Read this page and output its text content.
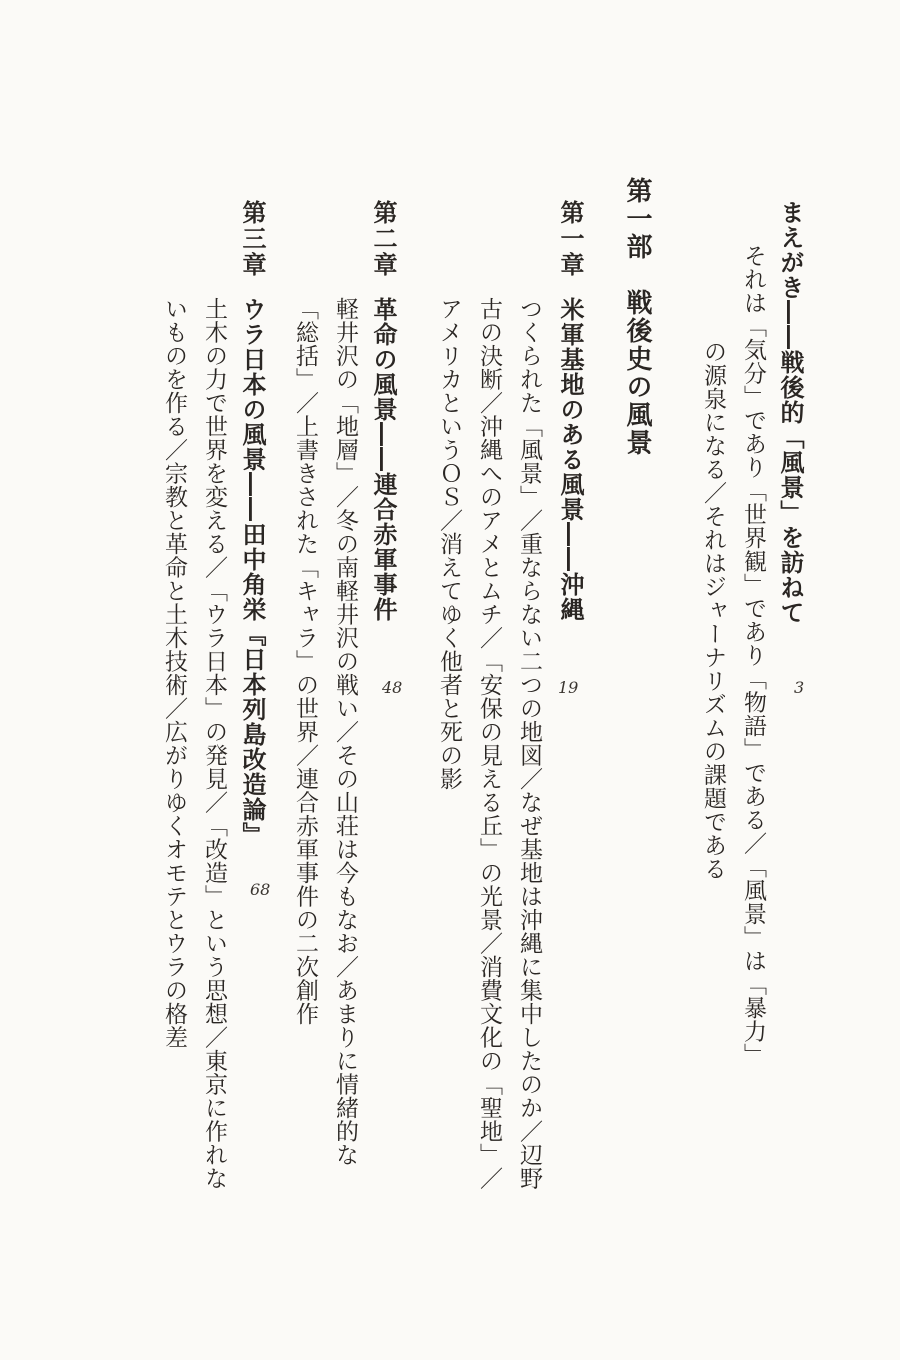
まえがき――戦後的「風景」を訪ねて
3
それは「気分」であり「世界観」であり「物語」である／「風景」は「暴力」
の源泉になる／それはジャーナリズムの課題である
第一部　戦後史の風景
第一章
米軍基地のある風景――沖縄
19
つくられた「風景」／重ならない二つの地図／なぜ基地は沖縄に集中したのか／辺野
古の決断／沖縄へのアメとムチ／「安保の見える丘」の光景／消費文化の「聖地」／
アメリカというＯＳ／消えてゆく他者と死の影
第二章
革命の風景――連合赤軍事件
48
軽井沢の「地層」／冬の南軽井沢の戦い／その山荘は今もなお／あまりに情緒的な
「総括」／上書きされた「キャラ」の世界／連合赤軍事件の二次創作
第三章
ウラ日本の風景――田中角栄『日本列島改造論』
68
土木の力で世界を変える／「ウラ日本」の発見／「改造」という思想／東京に作れな
いものを作る／宗教と革命と土木技術／広がりゆくオモテとウラの格差
